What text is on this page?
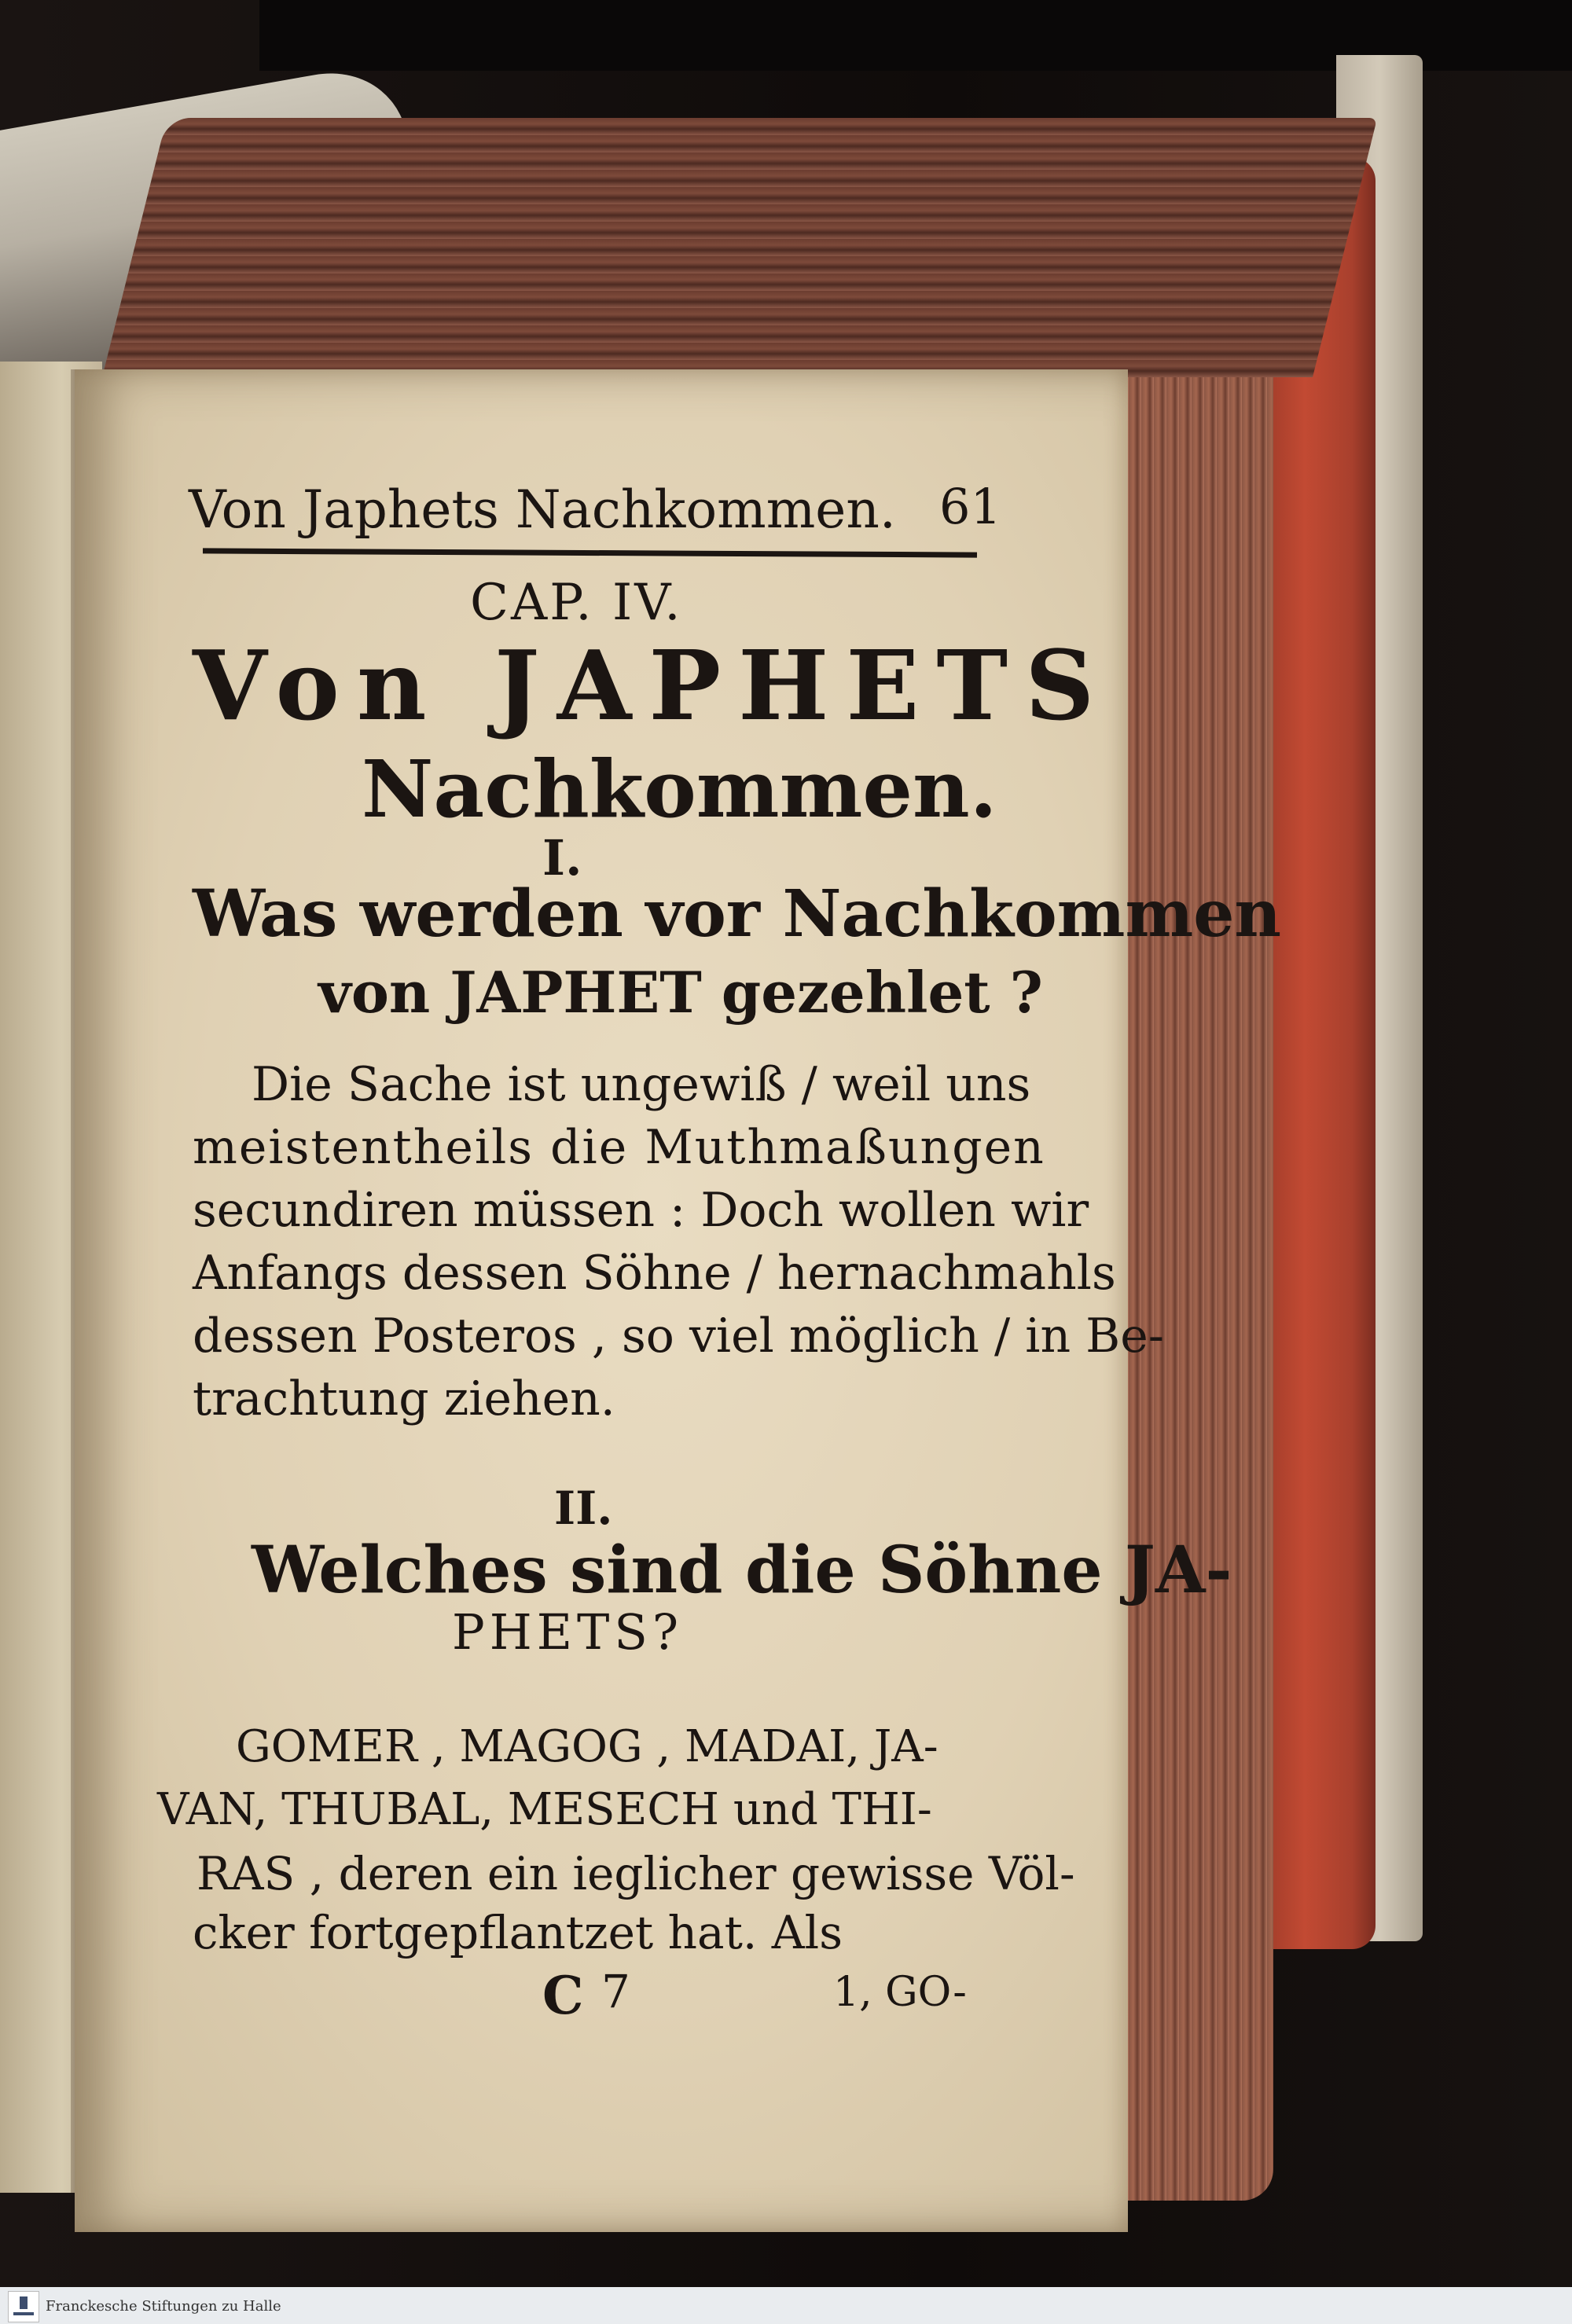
Von Japhets Nachkommen. 61
CAP. IV.
Von JAPHETS
Nachkommen.
I.
Was werden vor Nachkommen
von JAPHET gezehlet ?
Die Sache ist ungewiß / weil uns
meistentheils die Muthmaßungen
secundiren müssen : Doch wollen wir
Anfangs dessen Söhne / hernachmahls
dessen Posteros , so viel möglich / in Be-
trachtung ziehen.
II.
Welches sind die Söhne JA-
PHETS?
GOMER , MAGOG , MADAI, JA-
VAN, THUBAL, MESECH und THI-
RAS , deren ein ieglicher gewisse Völ-
cker fortgepflantzet hat. Als
C 7	1, GO-
Franckesche Stiftungen zu Halle
